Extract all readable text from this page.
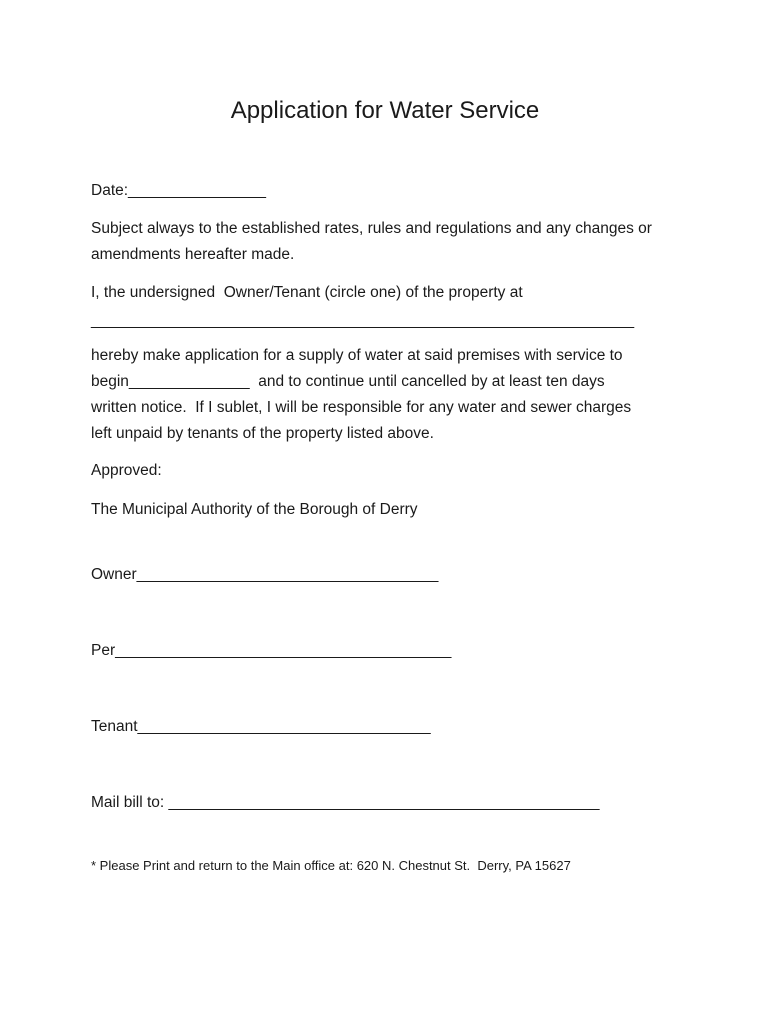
Application for Water Service
Date:________________
Subject always to the established rates, rules and regulations and any changes or
amendments hereafter made.
I, the undersigned  Owner/Tenant (circle one) of the property at
_______________________________________________________________
hereby make application for a supply of water at said premises with service to
begin______________  and to continue until cancelled by at least ten days
written notice.  If I sublet, I will be responsible for any water and sewer charges
left unpaid by tenants of the property listed above.
Approved:
The Municipal Authority of the Borough of Derry
Owner___________________________________
Per_______________________________________
Tenant__________________________________
Mail bill to: __________________________________________________
* Please Print and return to the Main office at: 620 N. Chestnut St.  Derry, PA 15627
